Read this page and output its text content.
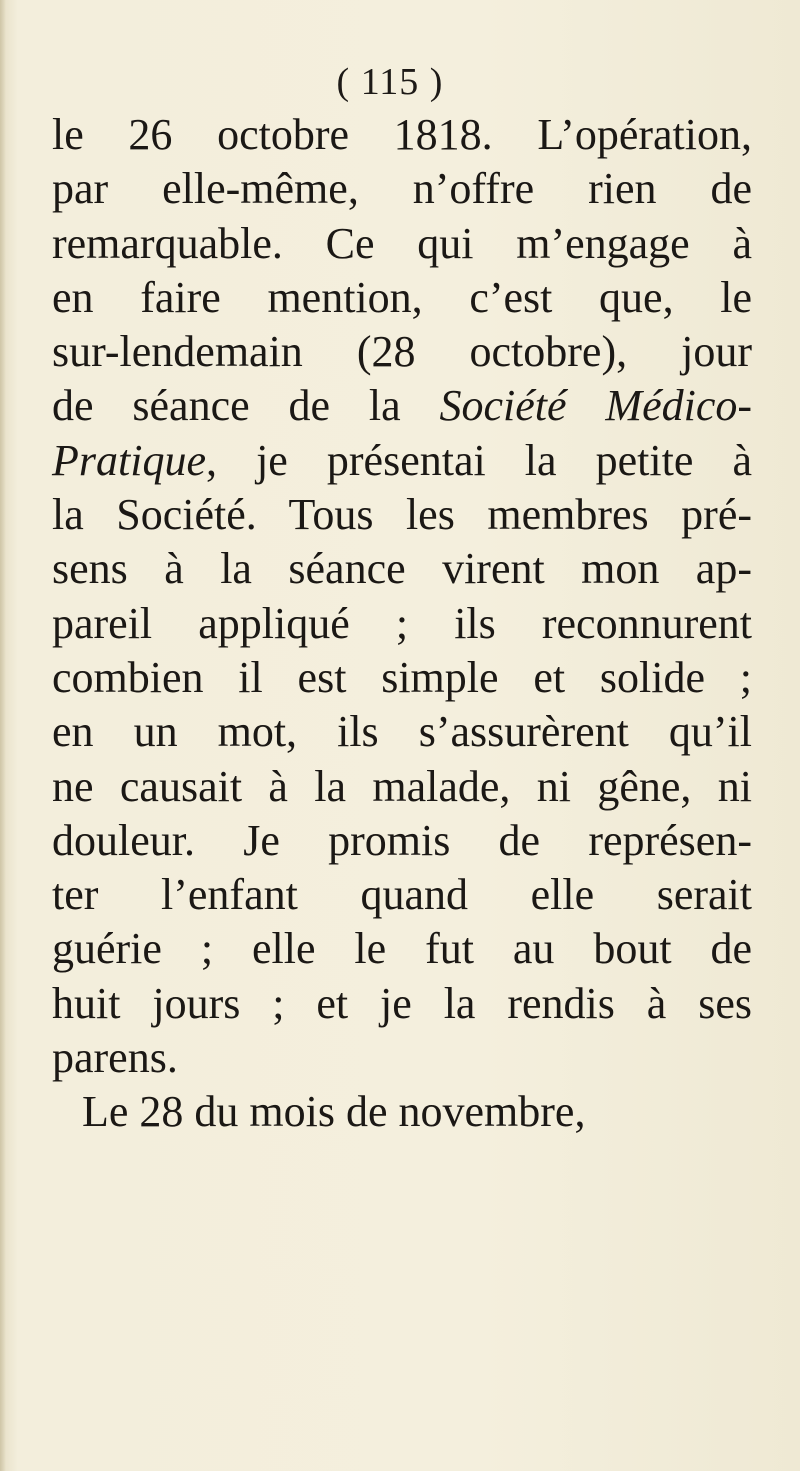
( 115 )
le 26 octobre 1818. L’opération,
par elle-même, n’offre rien de
remarquable. Ce qui m’engage à
en faire mention, c’est que, le
sur-lendemain (28 octobre), jour
de séance de la Société Médico-
Pratique, je présentai la petite à
la Société. Tous les membres pré-
sens à la séance virent mon ap-
pareil appliqué ; ils reconnurent
combien il est simple et solide ;
en un mot, ils s’assurèrent qu’il
ne causait à la malade, ni gêne, ni
douleur. Je promis de représen-
ter l’enfant quand elle serait
guérie ; elle le fut au bout de
huit jours ; et je la rendis à ses
parens.
Le 28 du mois de novembre,
